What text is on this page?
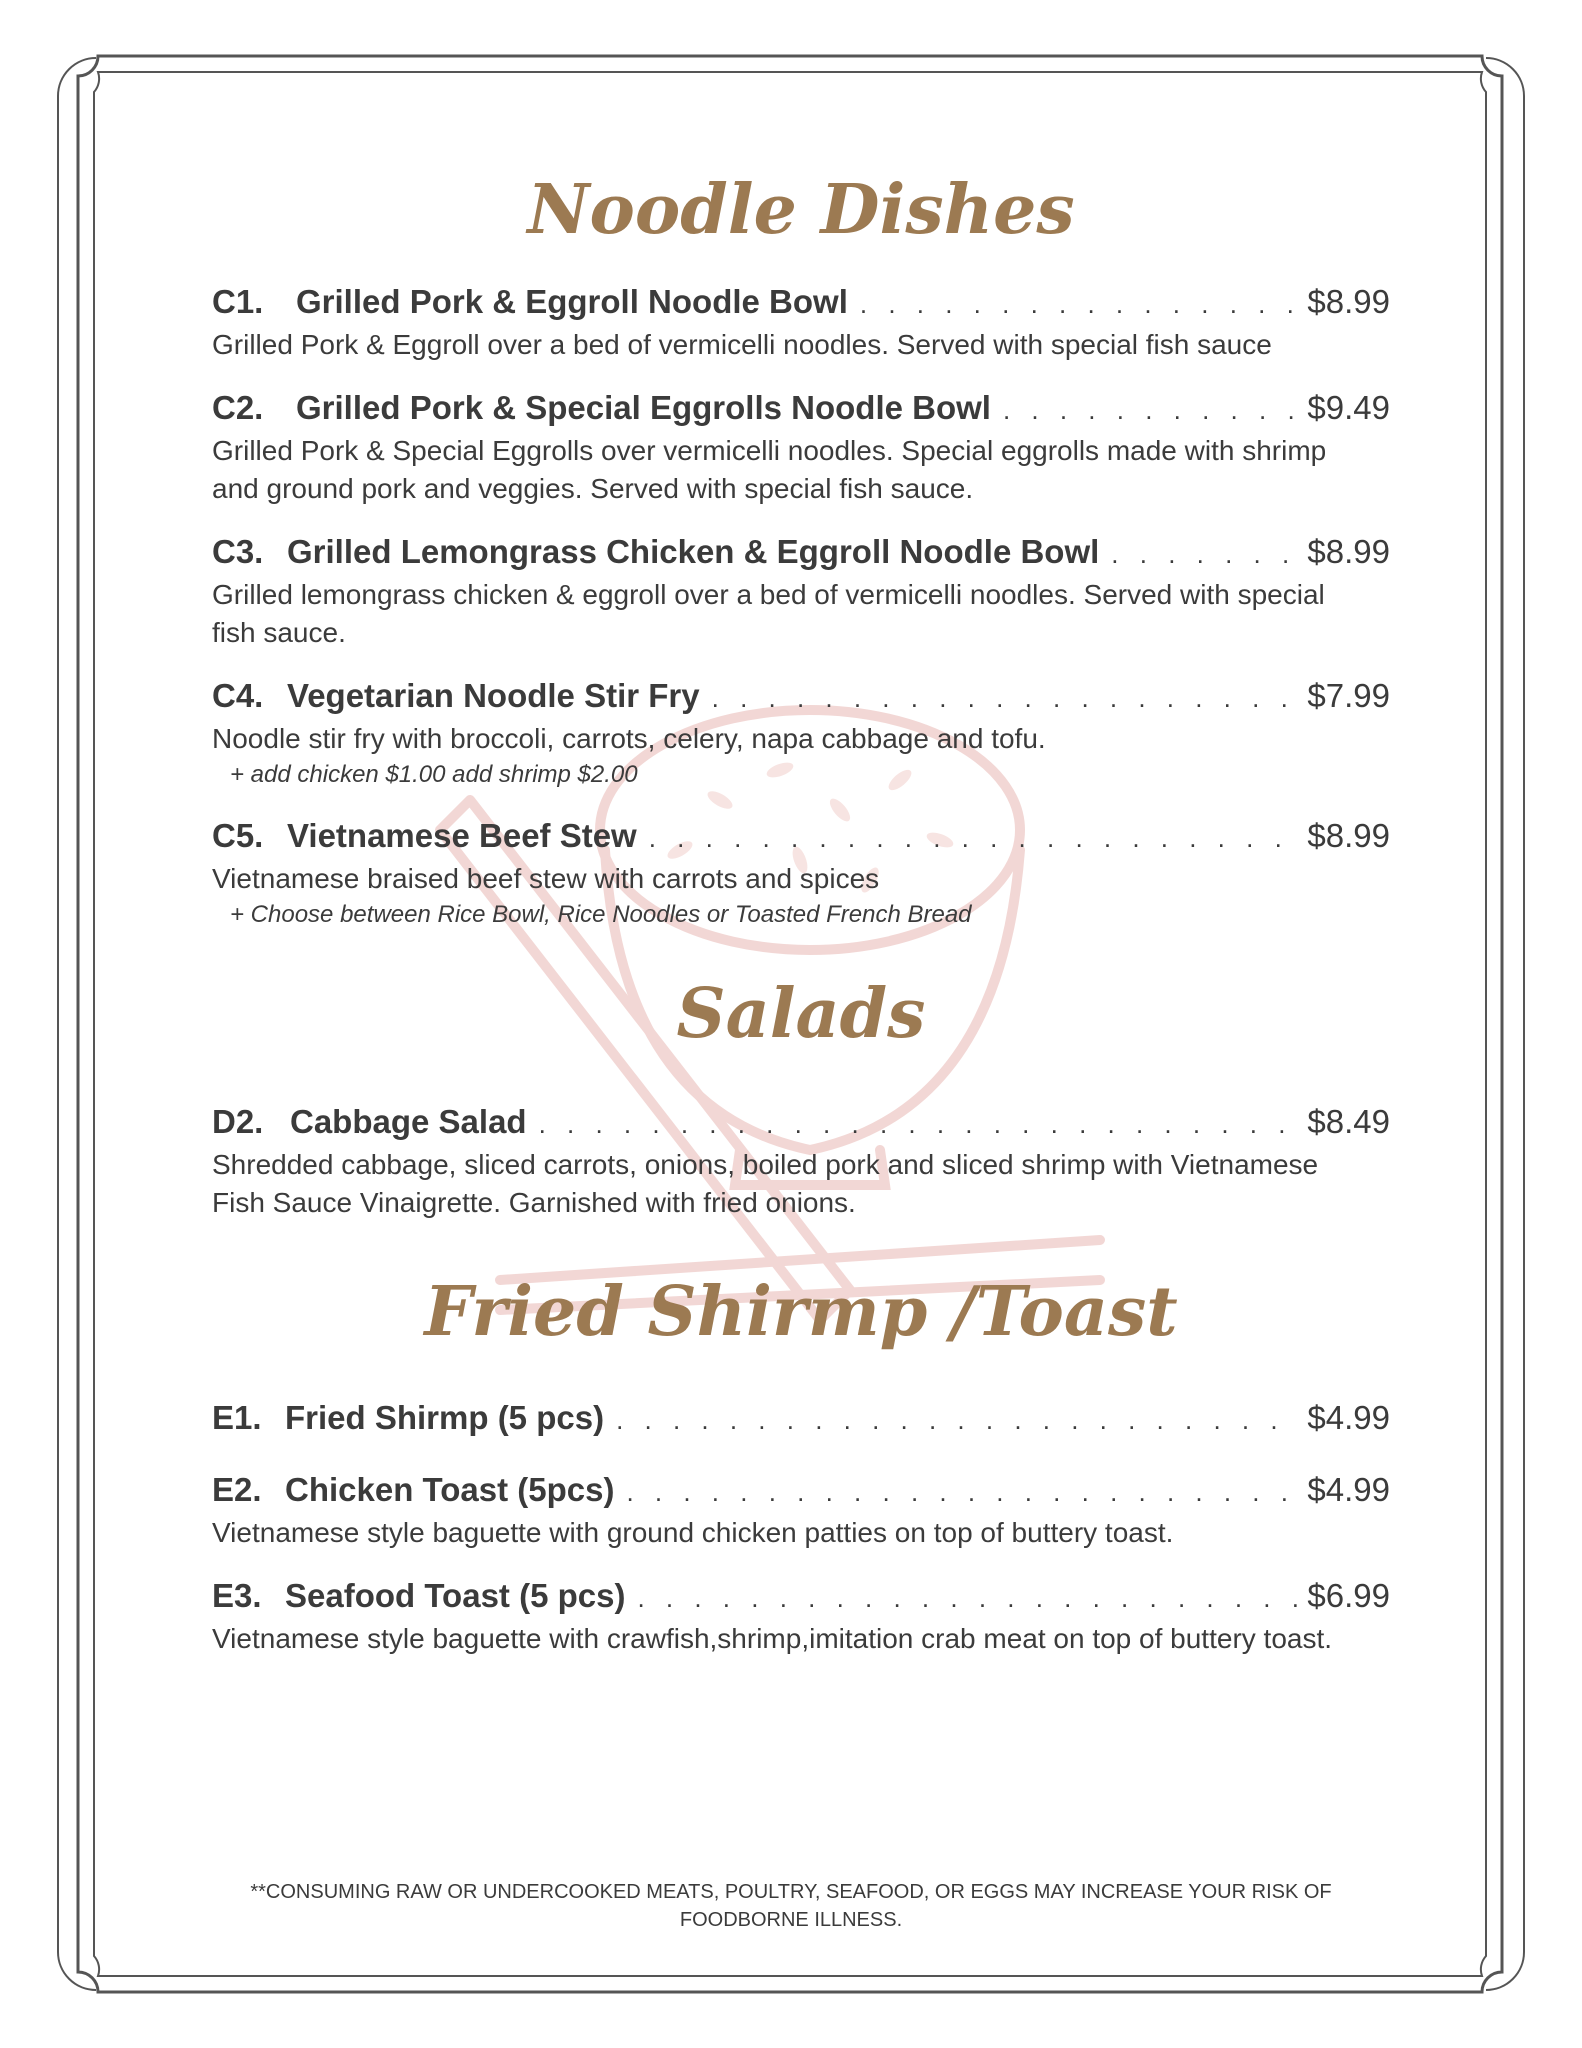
Noodle Dishes
C1. Grilled Pork & Eggroll Noodle Bowl . . .	$8.99
Grilled Pork & Eggroll over a bed of vermicelli noodles. Served with special fish sauce
C2. Grilled Pork & Special Eggrolls Noodle Bowl . . .	$9.49
Grilled Pork & Special Eggrolls over vermicelli noodles. Special eggrolls made with shrimp and ground pork and veggies. Served with special fish sauce.
C3. Grilled Lemongrass Chicken & Eggroll Noodle Bowl . . .	$8.99
Grilled lemongrass chicken & eggroll over a bed of vermicelli noodles. Served with special fish sauce.
C4. Vegetarian Noodle Stir Fry . . .	$7.99
Noodle stir fry with broccoli, carrots, celery, napa cabbage and tofu.
+ add chicken $1.00 add shrimp $2.00
C5. Vietnamese Beef Stew . . .	$8.99
Vietnamese braised beef stew with carrots and spices
+ Choose between Rice Bowl, Rice Noodles or Toasted French Bread
Salads
D2. Cabbage Salad . . .	$8.49
Shredded cabbage, sliced carrots, onions, boiled pork and sliced shrimp with Vietnamese Fish Sauce Vinaigrette. Garnished with fried onions.
Fried Shirmp /Toast
E1. Fried Shirmp (5 pcs) . . .	$4.99
E2. Chicken Toast (5pcs) . . .	$4.99
Vietnamese style baguette with ground chicken patties on top of buttery toast.
E3. Seafood Toast (5 pcs) . . .	$6.99
Vietnamese style baguette with crawfish,shrimp,imitation crab meat on top of buttery toast.
**CONSUMING RAW OR UNDERCOOKED MEATS, POULTRY, SEAFOOD, OR EGGS MAY INCREASE YOUR RISK OF FOODBORNE ILLNESS.
